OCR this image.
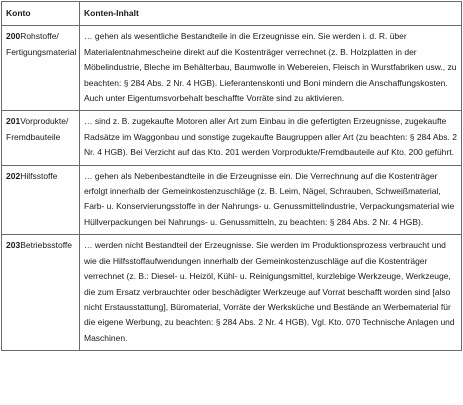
Konto	Konten-Inhalt
200Rohstoffe/ Fertigungsmaterial	… gehen als wesentliche Bestandteile in die Erzeugnisse ein. Sie werden i. d. R. über Materialentnahmescheine direkt auf die Kostenträger verrechnet (z. B. Holzplatten in der Möbelindustrie, Bleche im Behälterbau, Baumwolle in Webereien, Fleisch in Wurstfabriken usw., zu beachten: § 284 Abs. 2 Nr. 4 HGB). Lieferantenskonti und Boni mindern die Anschaffungskosten. Auch unter Eigentumsvorbehalt beschaffte Vorräte sind zu aktivieren.
201Vorprodukte/ Fremdbauteile	… sind z. B. zugekaufte Motoren aller Art zum Einbau in die gefertigten Erzeugnisse, zugekaufte Radsätze im Waggonbau und sonstige zugekaufte Baugruppen aller Art (zu beachten: § 284 Abs. 2 Nr. 4 HGB). Bei Verzicht auf das Kto. 201 werden Vorprodukte/Fremdbauteile auf Kto. 200 geführt.
202Hilfsstoffe	… gehen als Nebenbestandteile in die Erzeugnisse ein. Die Verrechnung auf die Kostenträger erfolgt innerhalb der Gemeinkostenzuschläge (z. B. Leim, Nägel, Schrauben, Schweißmaterial, Farb- u. Konservierungsstoffe in der Nahrungs- u. Genussmittelindustrie, Verpackungsmaterial wie Hüllverpackungen bei Nahrungs- u. Genussmitteln, zu beachten: § 284 Abs. 2 Nr. 4 HGB).
203Betriebsstoffe	… werden nicht Bestandteil der Erzeugnisse. Sie werden im Produktionsprozess verbraucht und wie die Hilfsstoffaufwendungen innerhalb der Gemeinkostenzuschläge auf die Kostenträger verrechnet (z. B.: Diesel- u. Heizöl, Kühl- u. Reinigungsmittel, kurzlebige Werkzeuge, Werkzeuge, die zum Ersatz verbrauchter oder beschädigter Werkzeuge auf Vorrat beschafft worden sind [also nicht Erstausstattung], Büromaterial, Vorräte der Werksküche und Bestände an Werbematerial für die eigene Werbung, zu beachten: § 284 Abs. 2 Nr. 4 HGB). Vgl. Kto. 070 Technische Anlagen und Maschinen.
